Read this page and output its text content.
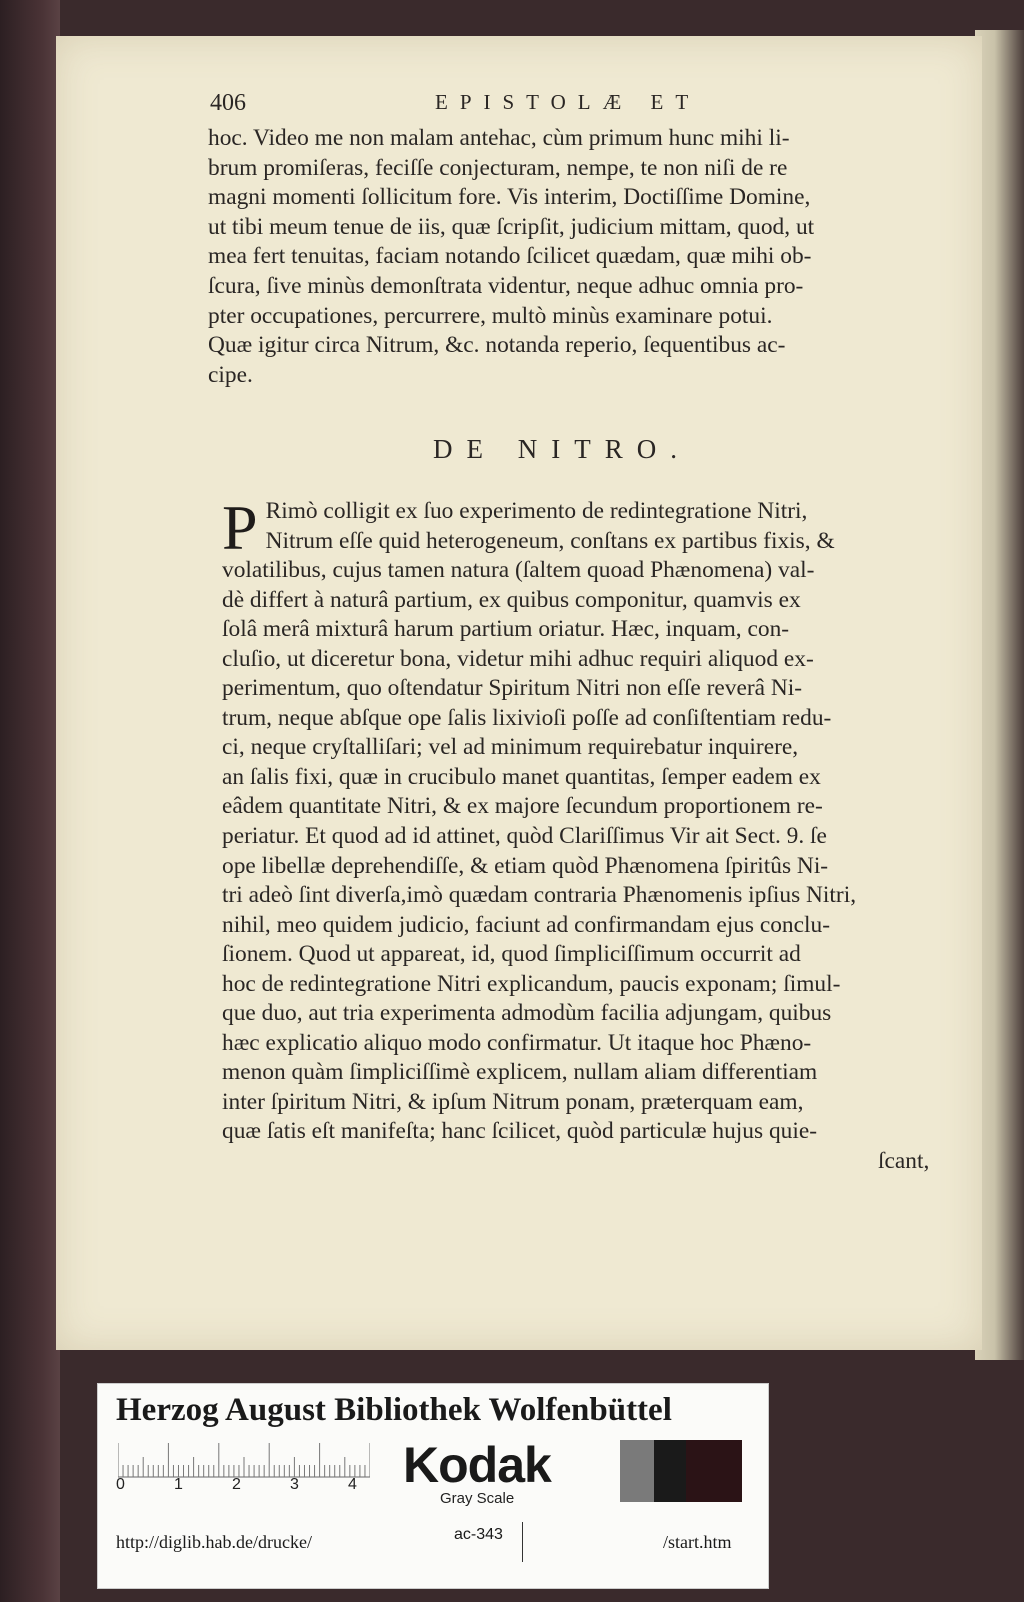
406	EPISTOLÆ ET

hoc. Video me non malam antehac, cùm primum hunc mihi li-
brum promiſeras, feciſſe conjecturam, nempe, te non niſi de re
magni momenti ſollicitum fore. Vis interim, Doctiſſime Domine,
ut tibi meum tenue de iis, quæ ſcripſit, judicium mittam, quod, ut
mea fert tenuitas, faciam notando ſcilicet quædam, quæ mihi ob-
ſcura, ſive minùs demonſtrata videntur, neque adhuc omnia pro-
pter occupationes, percurrere, multò minùs examinare potui.
Quæ igitur circa Nitrum, &c. notanda reperio, ſequentibus ac-
cipe.

DE NITRO.

P Rimò colligit ex ſuo experimento de redintegratione Nitri,
Nitrum eſſe quid heterogeneum, conſtans ex partibus fixis, &
volatilibus, cujus tamen natura (ſaltem quoad Phænomena) val-
dè differt à naturâ partium, ex quibus componitur, quamvis ex
ſolâ merâ mixturâ harum partium oriatur. Hæc, inquam, con-
cluſio, ut diceretur bona, videtur mihi adhuc requiri aliquod ex-
perimentum, quo oſtendatur Spiritum Nitri non eſſe reverâ Ni-
trum, neque abſque ope ſalis lixivioſi poſſe ad conſiſtentiam redu-
ci, neque cryſtalliſari; vel ad minimum requirebatur inquirere,
an ſalis fixi, quæ in crucibulo manet quantitas, ſemper eadem ex
eâdem quantitate Nitri, & ex majore ſecundum proportionem re-
periatur. Et quod ad id attinet, quòd Clariſſimus Vir ait Sect. 9. ſe
ope libellæ deprehendiſſe, & etiam quòd Phænomena ſpiritûs Ni-
tri adeò ſint diverſa,imò quædam contraria Phænomenis ipſius Nitri,
nihil, meo quidem judicio, faciunt ad confirmandam ejus conclu-
ſionem. Quod ut appareat, id, quod ſimpliciſſimum occurrit ad
hoc de redintegratione Nitri explicandum, paucis exponam; ſimul-
que duo, aut tria experimenta admodùm facilia adjungam, quibus
hæc explicatio aliquo modo confirmatur. Ut itaque hoc Phæno-
menon quàm ſimpliciſſimè explicem, nullam aliam differentiam
inter ſpiritum Nitri, & ipſum Nitrum ponam, præterquam eam,
quæ ſatis eſt manifeſta; hanc ſcilicet, quòd particulæ hujus quie-

ſcant,
Herzog August Bibliothek Wolfenbüttel
0	1	2	3	4 Kodak
Gray Scale
http://diglib.hab.de/drucke/	ac-343	/start.htm
